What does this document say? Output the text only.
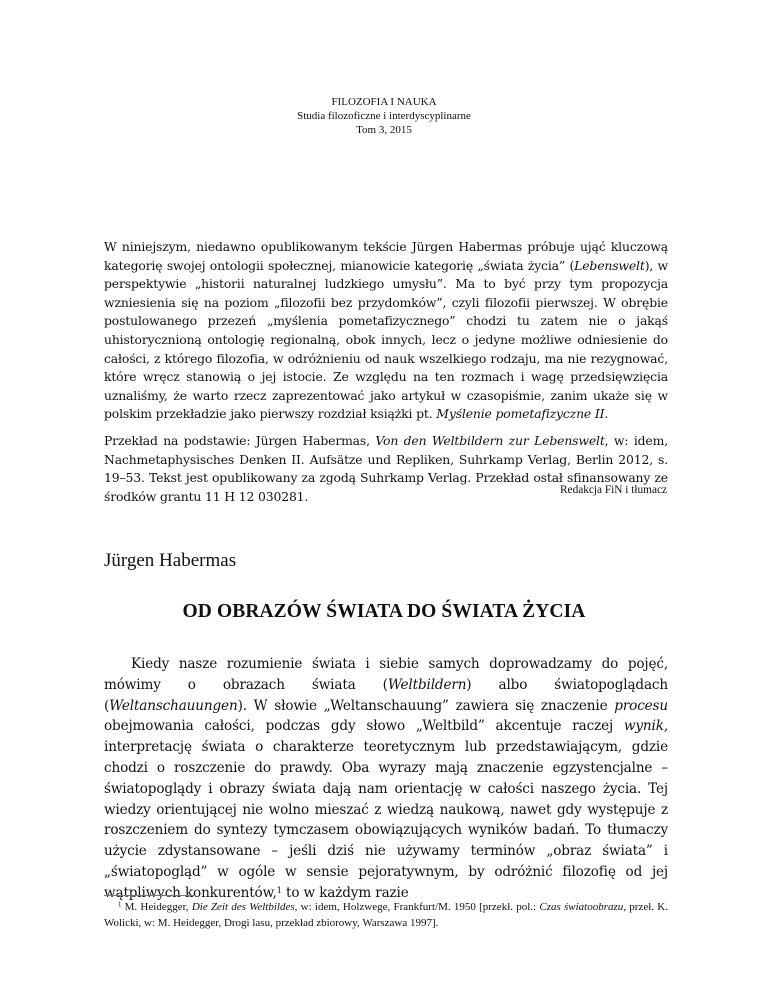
FILOZOFIA I NAUKA
Studia filozoficzne i interdyscyplinarne
Tom 3, 2015

W niniejszym, niedawno opublikowanym tekście Jürgen Habermas próbuje ująć kluczową kategorię swojej ontologii społecznej, mianowicie kategorię „świata życia” (Lebenswelt), w perspektywie „historii naturalnej ludzkiego umysłu”. Ma to być przy tym propozycja wzniesienia się na poziom „filozofii bez przydomków”, czyli filozofii pierwszej. W obrębie postulowanego przezeń „myślenia pometafizycznego” chodzi tu zatem nie o jakąś uhistorycznioną ontologię regionalną, obok innych, lecz o jedyne możliwe odniesienie do całości, z którego filozofia, w odróżnieniu od nauk wszelkiego rodzaju, ma nie rezygnować, które wręcz stanowią o jej istocie. Ze względu na ten rozmach i wagę przedsięwzięcia uznaliśmy, że warto rzecz zaprezentować jako artykuł w czasopiśmie, zanim ukaże się w polskim przekładzie jako pierwszy rozdział książki pt. Myślenie pometafizyczne II.

Przekład na podstawie: Jürgen Habermas, Von den Weltbildern zur Lebenswelt, w: idem, Nachmetaphysisches Denken II. Aufsätze und Repliken, Suhrkamp Verlag, Berlin 2012, s. 19–53. Tekst jest opublikowany za zgodą Suhrkamp Verlag. Przekład ostał sfinansowany ze środków grantu 11 H 12 030281.	Redakcja FiN i tłumacz
Jürgen Habermas
OD OBRAZÓW ŚWIATA DO ŚWIATA ŻYCIA

Kiedy nasze rozumienie świata i siebie samych doprowadzamy do pojęć, mówimy o obrazach świata (Weltbildern) albo światopoglądach (Weltanschauungen). W słowie „Weltanschauung” zawiera się znaczenie procesu obejmowania całości, podczas gdy słowo „Weltbild” akcentuje raczej wynik, interpretację świata o charakterze teoretycznym lub przedstawiającym, gdzie chodzi o roszczenie do prawdy. Oba wyrazy mają znaczenie egzystencjalne – światopoglądy i obrazy świata dają nam orientację w całości naszego życia. Tej wiedzy orientującej nie wolno mieszać z wiedzą naukową, nawet gdy występuje z roszczeniem do syntezy tymczasem obowiązujących wyników badań. To tłumaczy użycie zdystansowane – jeśli dziś nie używamy terminów „obraz świata” i „światopogląd” w ogóle w sensie pejoratywnym, by odróżnić filozofię od jej wątpliwych konkurentów,$^1$ to w każdym razie

$^1$ M. Heidegger, Die Zeit des Weltbildes, w: idem, Holzwege, Frankfurt/M. 1950 [przekł. pol.: Czas światoobrazu, przeł. K. Wolicki, w: M. Heidegger, Drogi lasu, przekład zbiorowy, Warszawa 1997].
